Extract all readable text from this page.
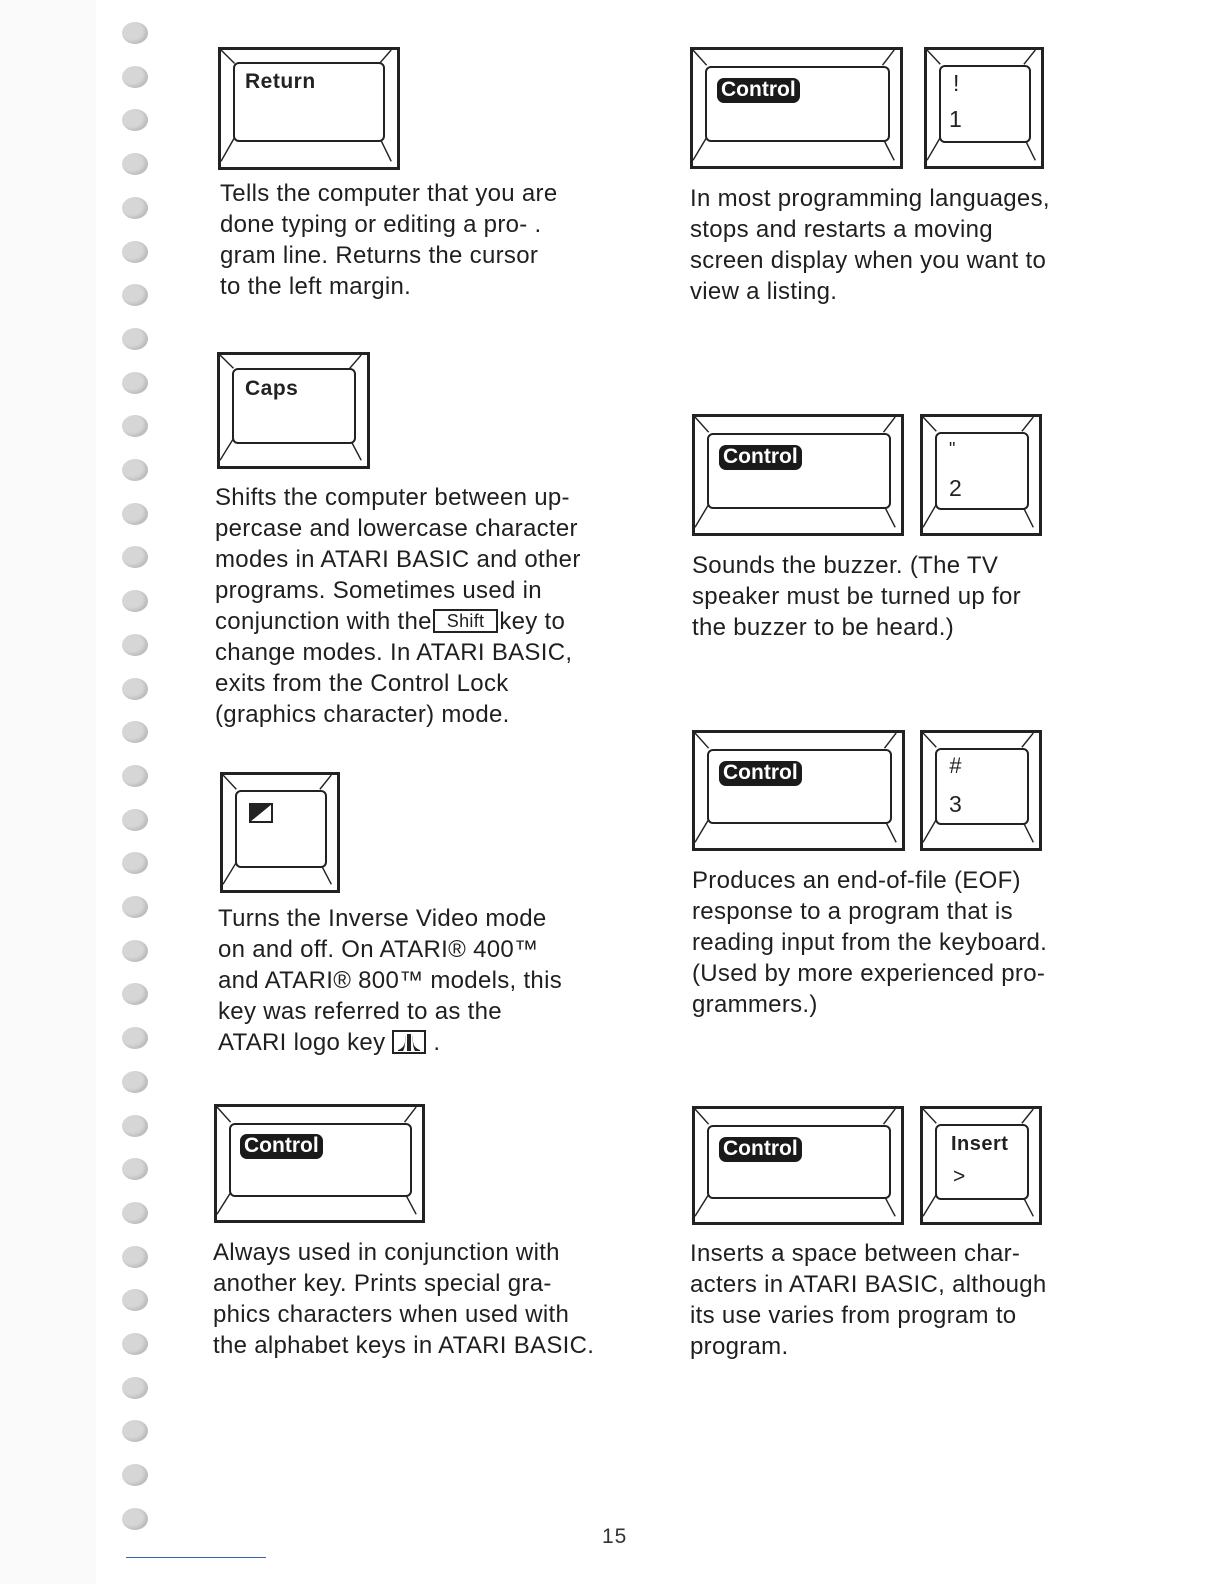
Return

Tells the computer that you are

done typing or editing a pro- .

gram line. Returns the cursor

to the left margin.

Caps

Shifts the computer between up-

percase and lowercase character

modes in ATARI BASIC and other

programs. Sometimes used in

conjunction with the Shift key to

change modes. In ATARI BASIC,

exits from the Control Lock

(graphics character) mode.

Turns the Inverse Video mode

on and off. On ATARI® 400™

and ATARI® 800™ models, this

key was referred to as the

ATARI logo key .

Control

Always used in conjunction with

another key. Prints special gra-

phics characters when used with

the alphabet keys in ATARI BASIC.

Control	!
1

In most programming languages,

stops and restarts a moving

screen display when you want to

view a listing.

Control	"
2

Sounds the buzzer. (The TV

speaker must be turned up for

the buzzer to be heard.)

Control	#
3

Produces an end-of-file (EOF)

response to a program that is

reading input from the keyboard.

(Used by more experienced pro-

grammers.)

Control	Insert
>

Inserts a space between char-

acters in ATARI BASIC, although

its use varies from program to

program.

15
